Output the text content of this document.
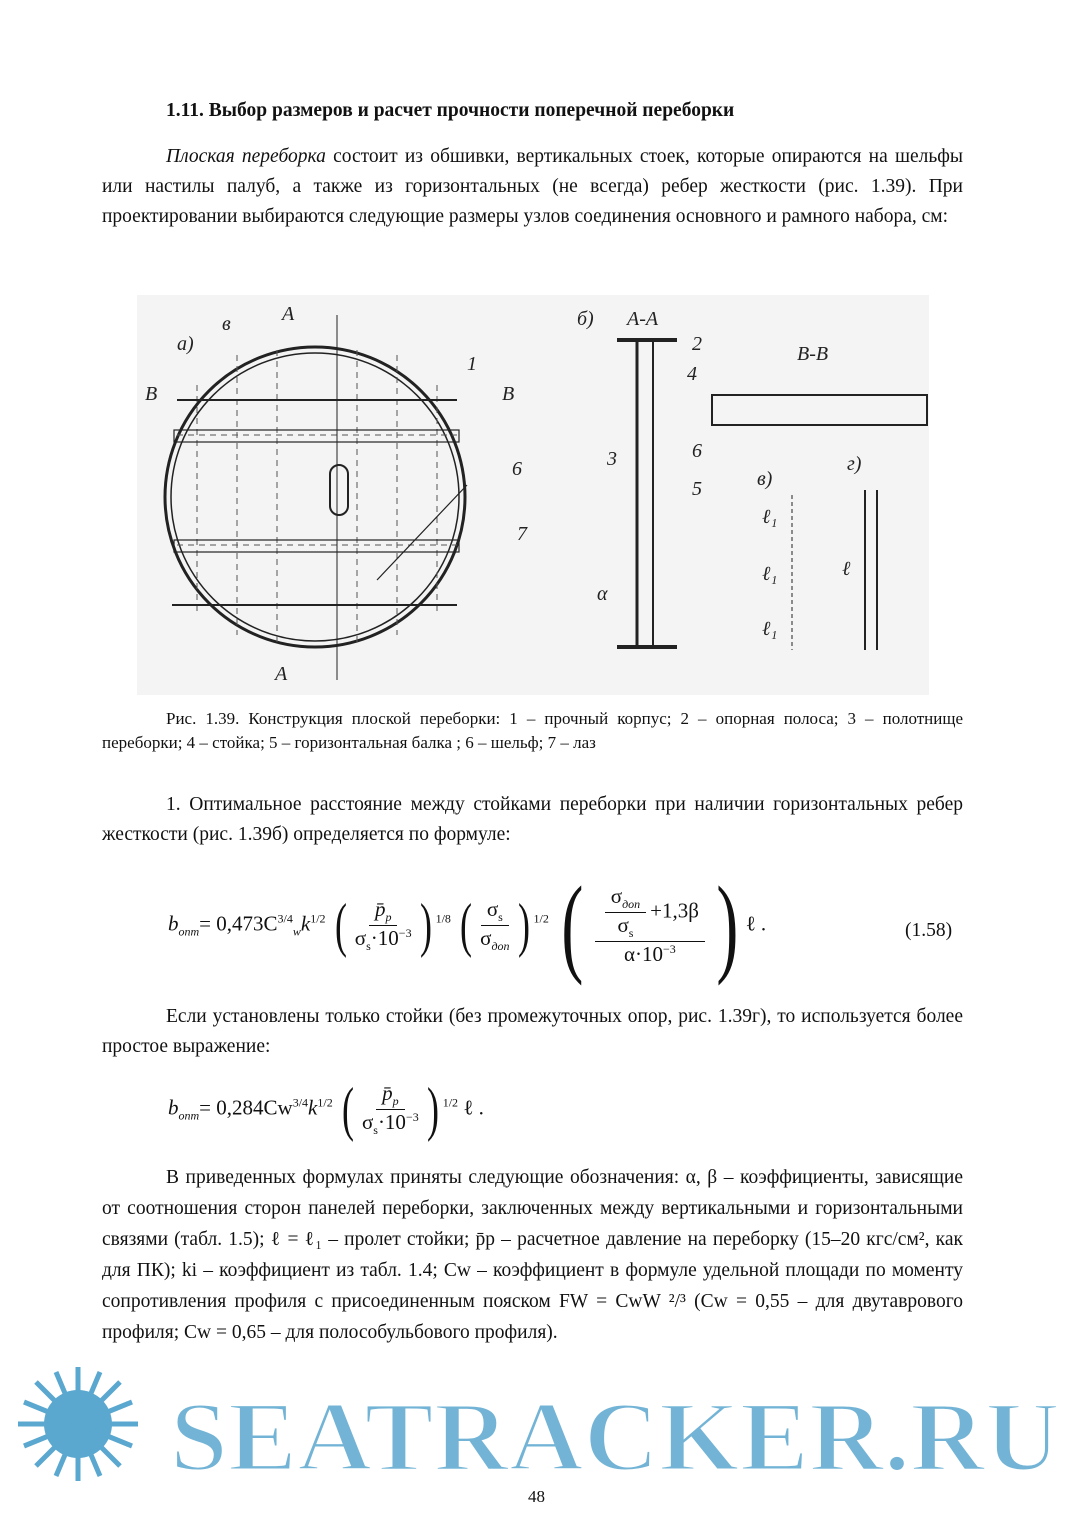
1.11. Выбор размеров и расчет прочности поперечной переборки
Плоская переборка состоит из обшивки, вертикальных стоек, которые опираются на шельфы или настилы палуб, а также из горизонтальных (не всегда) ребер жесткости (рис. 1.39). При проектировании выбираются следующие размеры узлов соединения основного и рамного набора, см:
а)
б) А-А
В-В
в)
г)
А
А
В	В
в
1
2
3
4
5
6
6
7
α
ℓ
ℓ₁
ℓ₁
ℓ₁
Рис. 1.39. Конструкция плоской переборки: 1 – прочный корпус; 2 – опорная полоса; 3 – полотнище переборки; 4 – стойка; 5 – горизонтальная балка ; 6 – шельф; 7 – лаз
1. Оптимальное расстояние между стойками переборки при наличии горизонтальных ребер жесткости (рис. 1.39б) определяется по формуле:
$b_{опт}= 0,473C^{3/4}_wk^{1/2}$ ( $\frac{p̄_p}{\sigma_s\cdot 10^{-3}}$ ) $^{1/8}$ ( $\frac{\sigma_s}{\sigma_{доп}}$ ) $^{1/2}$ ( $\frac{\frac{\sigma_{доп}}{\sigma_s} +1,3\beta}{\alpha\cdot 10^{-3}}$ ) ℓ .	(1.58)
Если установлены только стойки (без промежуточных опор, рис. 1.39г), то используется более простое выражение:
$b_{опт}= 0,284Cw^{3/4}k^{1/2}$ ( $\frac{p̄_p}{\sigma_s\cdot 10^{-3}}$ ) $^{1/2}$ ℓ .
В приведенных формулах приняты следующие обозначения: α, β – коэффициенты, зависящие от соотношения сторон панелей переборки, заключенных между вертикальными и горизонтальными связями (табл. 1.5); ℓ = ℓ₁ – пролет стойки; p̄p – расчетное давление на переборку (15–20 кгс/см², как для ПК); ki – коэффициент из табл. 1.4; Cw – коэффициент в формуле удельной площади по моменту сопротивления профиля с присоединенным пояском FW = CwW ²/³ (Cw = 0,55 – для двутаврового профиля; Cw = 0,65 – для полособульбового профиля).
SEATRACKER.RU
48
